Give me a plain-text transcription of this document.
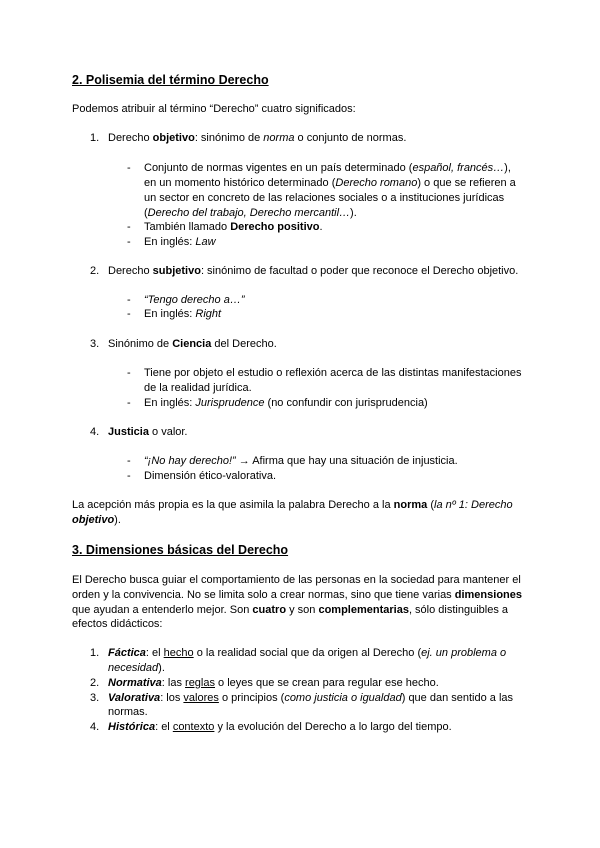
2. Polisemia del término Derecho
Podemos atribuir al término “Derecho” cuatro significados:
1. Derecho objetivo: sinónimo de norma o conjunto de normas.
- Conjunto de normas vigentes en un país determinado (español, francés…),
en un momento histórico determinado (Derecho romano) o que se refieren a
un sector en concreto de las relaciones sociales o a instituciones jurídicas
(Derecho del trabajo, Derecho mercantil…).
- También llamado Derecho positivo.
- En inglés: Law
2. Derecho subjetivo: sinónimo de facultad o poder que reconoce el Derecho objetivo.
- “Tengo derecho a…”
- En inglés: Right
3. Sinónimo de Ciencia del Derecho.
- Tiene por objeto el estudio o reflexión acerca de las distintas manifestaciones
de la realidad jurídica.
- En inglés: Jurisprudence (no confundir con jurisprudencia)
4. Justicia o valor.
- “¡No hay derecho!” → Afirma que hay una situación de injusticia.
- Dimensión ético-valorativa.
La acepción más propia es la que asimila la palabra Derecho a la norma (la nº 1: Derecho
objetivo).
3. Dimensiones básicas del Derecho
El Derecho busca guiar el comportamiento de las personas en la sociedad para mantener el
orden y la convivencia. No se limita solo a crear normas, sino que tiene varias dimensiones
que ayudan a entenderlo mejor. Son cuatro y son complementarias, sólo distinguibles a
efectos didácticos:
1. Fáctica: el hecho o la realidad social que da origen al Derecho (ej. un problema o
necesidad).
2. Normativa: las reglas o leyes que se crean para regular ese hecho.
3. Valorativa: los valores o principios (como justicia o igualdad) que dan sentido a las
normas.
4. Histórica: el contexto y la evolución del Derecho a lo largo del tiempo.
